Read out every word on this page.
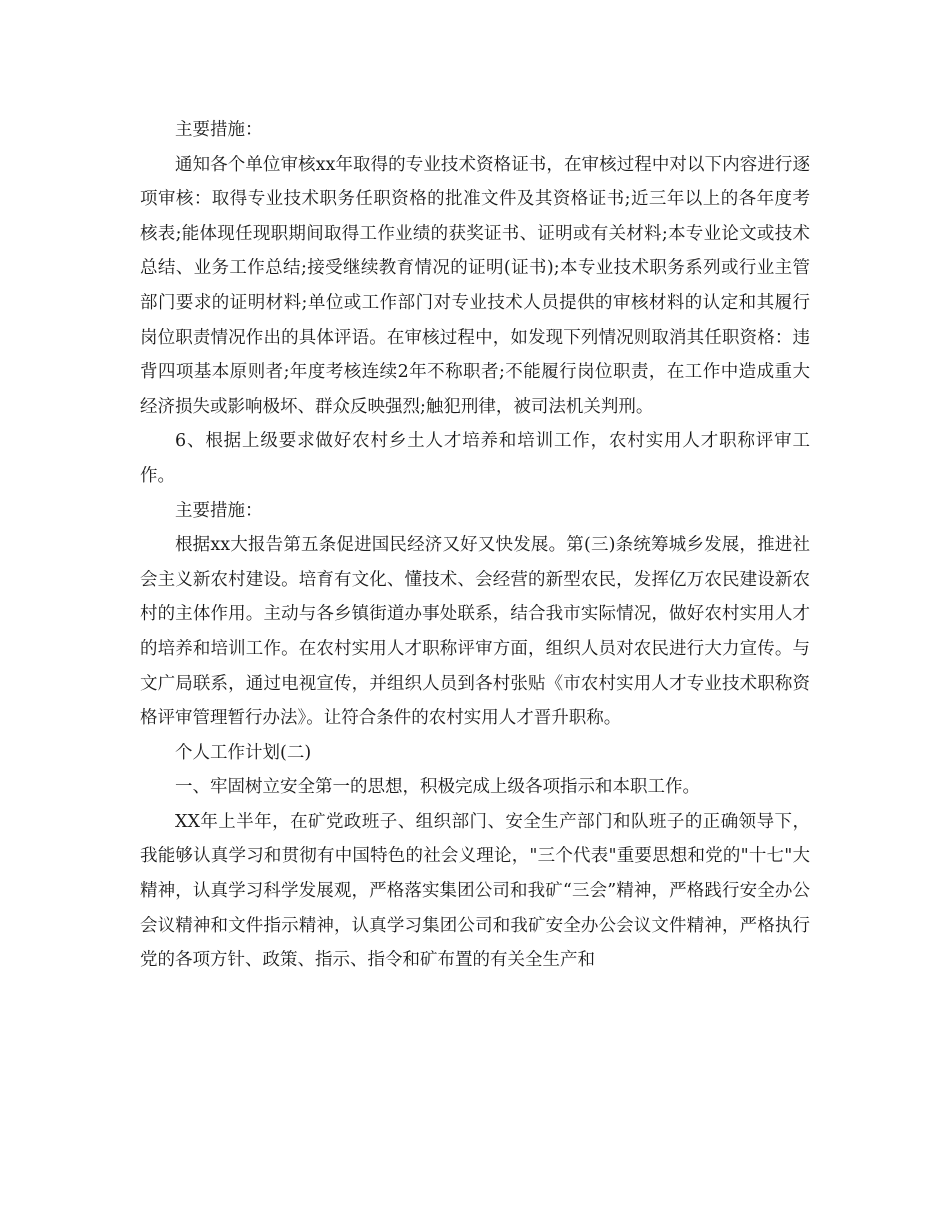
主要措施：

通知各个单位审核xx年取得的专业技术资格证书，在审核过程中对以下内容进行逐项审核：取得专业技术职务任职资格的批准文件及其资格证书;近三年以上的各年度考核表;能体现任现职期间取得工作业绩的获奖证书、证明或有关材料;本专业论文或技术总结、业务工作总结;接受继续教育情况的证明(证书);本专业技术职务系列或行业主管部门要求的证明材料;单位或工作部门对专业技术人员提供的审核材料的认定和其履行岗位职责情况作出的具体评语。在审核过程中，如发现下列情况则取消其任职资格：违背四项基本原则者;年度考核连续2年不称职者;不能履行岗位职责，在工作中造成重大经济损失或影响极坏、群众反映强烈;触犯刑律，被司法机关判刑。

6、根据上级要求做好农村乡土人才培养和培训工作，农村实用人才职称评审工作。

主要措施：

根据xx大报告第五条促进国民经济又好又快发展。第(三)条统筹城乡发展，推进社会主义新农村建设。培育有文化、懂技术、会经营的新型农民，发挥亿万农民建设新农村的主体作用。主动与各乡镇街道办事处联系，结合我市实际情况，做好农村实用人才的培养和培训工作。在农村实用人才职称评审方面，组织人员对农民进行大力宣传。与文广局联系，通过电视宣传，并组织人员到各村张贴《市农村实用人才专业技术职称资格评审管理暂行办法》。让符合条件的农村实用人才晋升职称。

个人工作计划(二)

一、牢固树立安全第一的思想，积极完成上级各项指示和本职工作。

XX年上半年，在矿党政班子、组织部门、安全生产部门和队班子的正确领导下，我能够认真学习和贯彻有中国特色的社会义理论，"三个代表"重要思想和党的"十七"大精神，认真学习科学发展观，严格落实集团公司和我矿“三会”精神，严格践行安全办公会议精神和文件指示精神，认真学习集团公司和我矿安全办公会议文件精神，严格执行党的各项方针、政策、指示、指令和矿布置的有关全生产和
